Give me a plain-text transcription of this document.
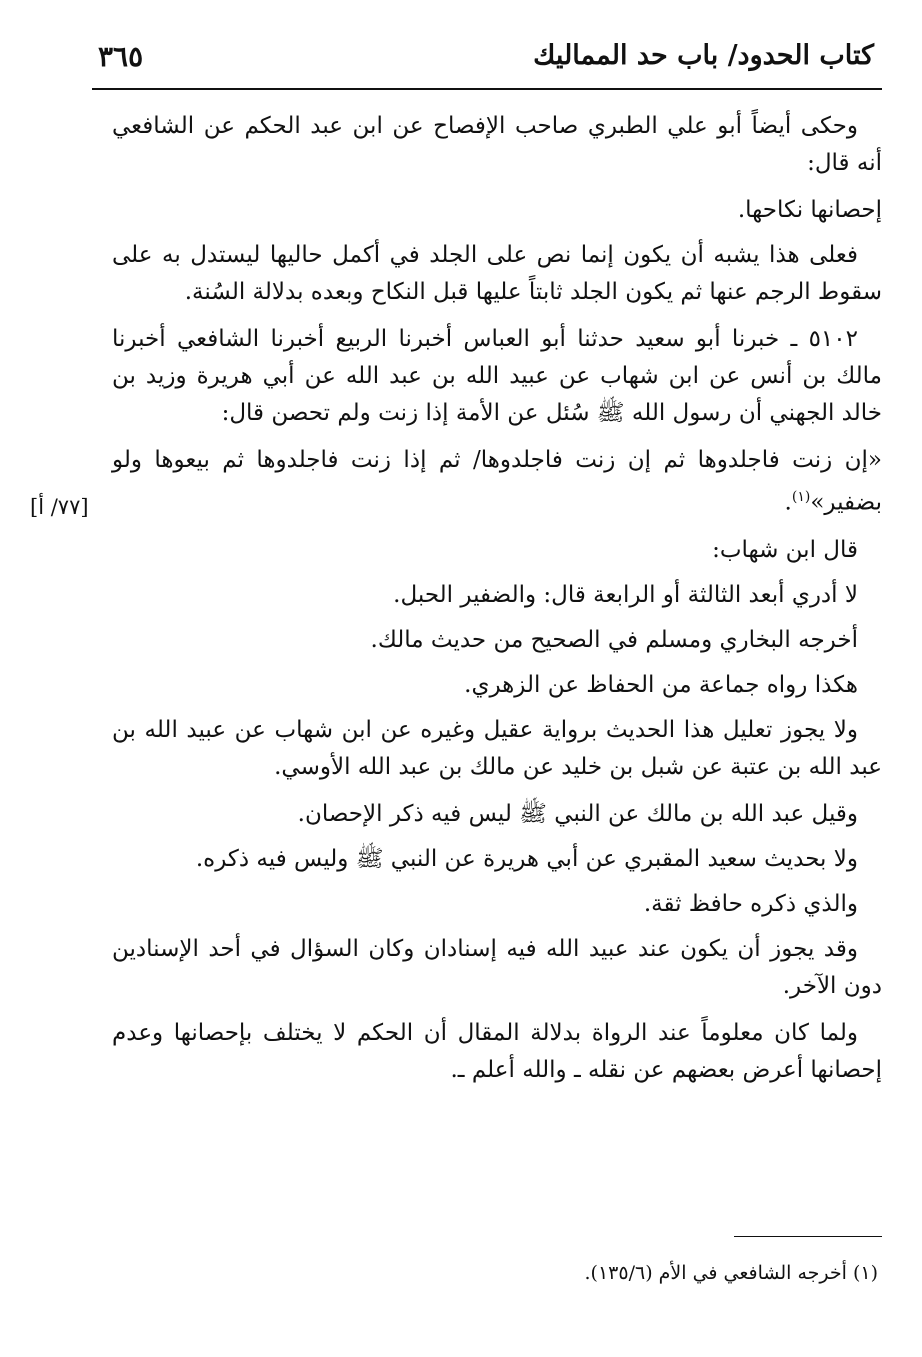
كتاب الحدود/ باب حد المماليك
٣٦٥
[٧٧/ أ]

وحكى أيضاً أبو علي الطبري صاحب الإفصاح عن ابن عبد الحكم عن الشافعي أنه قال:

إحصانها نكاحها.

فعلى هذا يشبه أن يكون إنما نص على الجلد في أكمل حاليها ليستدل به على سقوط الرجم عنها ثم يكون الجلد ثابتاً عليها قبل النكاح وبعده بدلالة السُنة.

٥١٠٢ ـ خبرنا أبو سعيد حدثنا أبو العباس أخبرنا الربيع أخبرنا الشافعي أخبرنا مالك بن أنس عن ابن شهاب عن عبيد الله بن عبد الله عن أبي هريرة وزيد بن خالد الجهني أن رسول الله ﷺ سُئل عن الأمة إذا زنت ولم تحصن قال:

«إن زنت فاجلدوها ثم إن زنت فاجلدوها/ ثم إذا زنت فاجلدوها ثم بيعوها ولو بضفير»$^{(١)}$.

قال ابن شهاب:

لا أدري أبعد الثالثة أو الرابعة قال: والضفير الحبل.

أخرجه البخاري ومسلم في الصحيح من حديث مالك.

هكذا رواه جماعة من الحفاظ عن الزهري.

ولا يجوز تعليل هذا الحديث برواية عقيل وغيره عن ابن شهاب عن عبيد الله بن عبد الله بن عتبة عن شبل بن خليد عن مالك بن عبد الله الأوسي.

وقيل عبد الله بن مالك عن النبي ﷺ ليس فيه ذكر الإحصان.

ولا بحديث سعيد المقبري عن أبي هريرة عن النبي ﷺ وليس فيه ذكره.

والذي ذكره حافظ ثقة.

وقد يجوز أن يكون عند عبيد الله فيه إسنادان وكان السؤال في أحد الإسنادين دون الآخر.

ولما كان معلوماً عند الرواة بدلالة المقال أن الحكم لا يختلف بإحصانها وعدم إحصانها أعرض بعضهم عن نقله ـ والله أعلم ـ.

(١) أخرجه الشافعي في الأم (١٣٥/٦).
